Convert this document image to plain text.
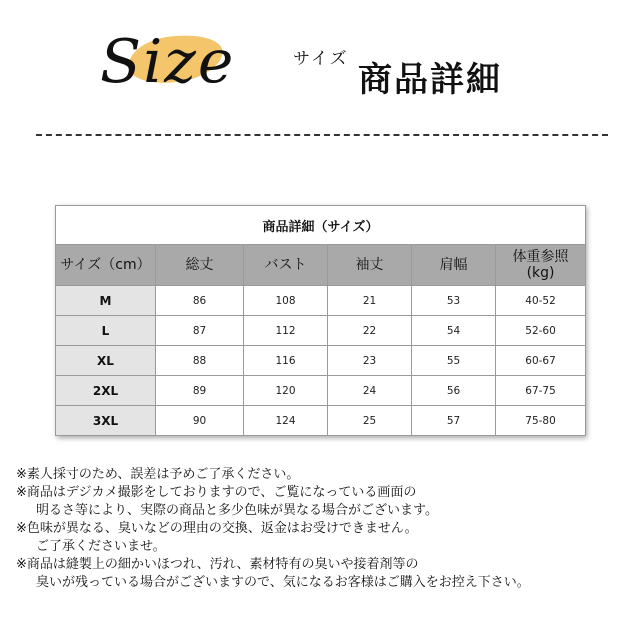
Size	サイズ
商品詳細
商品詳細（サイズ）					
サイズ（cm）	総丈	バスト	袖丈	肩幅	体重参照
(kg)
M	86	108	21	53	40-52
L	87	112	22	54	52-60
XL	88	116	23	55	60-67
2XL	89	120	24	56	67-75
3XL	90	124	25	57	75-80
※素人採寸のため、誤差は予めご了承ください。
※商品はデジカメ撮影をしておりますので、ご覧になっている画面の
明るさ等により、実際の商品と多少色味が異なる場合がございます。
※色味が異なる、臭いなどの理由の交換、返金はお受けできません。
ご了承くださいませ。
※商品は縫製上の細かいほつれ、汚れ、素材特有の臭いや接着剤等の
臭いが残っている場合がございますので、気になるお客様はご購入をお控え下さい。
